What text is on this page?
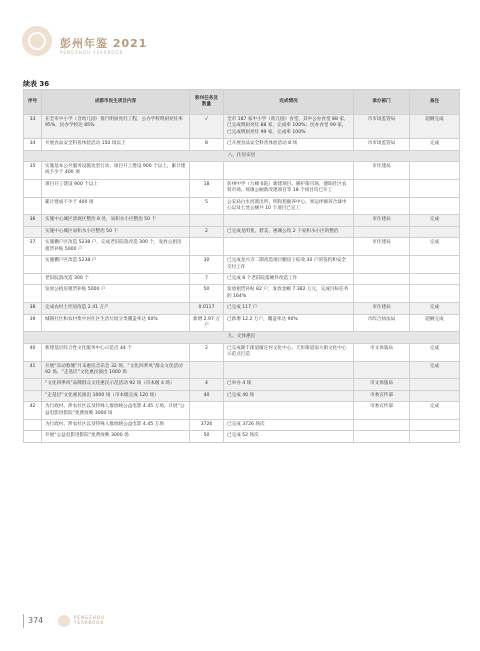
彭州年鉴 2021
PENGZHOU YEARBOOK
续表 36
序号	成都市民生项目内容	彭州任务及数量	完成情况	承办部门	备注
33	在全市中小学（含幼儿园）推行明厨亮灶工程，公办学校明厨亮灶率 95%，民办学校达 85%	√	全市 187 家中小学（幼儿园）食堂，其中公办食堂 88 家，已完成明厨亮灶 88 家，完成率 100%；民办食堂 99 家，已完成明厨亮灶 99 家，完成率 100%	市市场监管局	超额完成
34	开展食品安全科普体验活动 150 场以上	8	已开展食品安全科普体验活动 8 场	市市场监管局	完成
八、住房安居					
35	实施基本公共服务设施攻坚行动，项目开工建设 900 个以上，累计建成不少于 400 项			市住建局	
	项目开工建设 900 个以上	18	彭州中学（九峰书院）新建项目、修护街市场、德阳社区农贸市场、场镇公厕新改建项目等 18 个项目均已开工		
	累计建成不少于 400 项	5	公安局白水河派出所、明和苑颐养中心、果运坪颐养合球中心以及七处公厕共 10 个项目已完工		
36	实施中心城区景观区整治 8 处，易积水小区整治 50 个			市住建局	完成
	实施中心城区易积水小区整治 50 个	2	已完成龙明苑、碧美、惠城公馆 2 个易积水小区的整治		
37	实施棚户区改造 5238 户，完成老旧院落改造 300 个，发放公租房租赁补贴 5000 户			市住建局	完成
	实施棚户区改造 5238 户	30	已完成龙兴寺二期改造项目棚房子棕改 30 户的签约和安全交付工作		
	老旧院落改造 300 个	7	已完成 8 个老旧院落硬件改造工作		
	发放公租房租赁补贴 5000 户	50	发放租赁补贴 82 户，发放金额 7.382 万元，完成目标任务的 164%		
38	完成农村土坯房改造 2.41 万户	0.0117	已完成 117 户	市住建局	完成
39	城镇社区和农村集中居住区生活垃圾分类覆盖率达 60%	新增 2.97 万户	已新增 12.2 万户，覆盖率达 90%	市综合执法局	超额完成
九、文体惠民					
40	新建基层综合性文化服务中心示范点 44 个	2	已完成隆丰街道敏定村文化中心、天彭街道南大街文化中心示范点打造	市文体旅局	完成
41	开展“乐动蓉城”月末惠民音乐会 32 场、“文化四季风”群众文化活动 92 场、“走基层”文化惠民演出 1000 场				完成
	“文化四季风”品牌群众文化惠民示范活动 92 场（市本级 4 场）	4	已举办 4 场	市文体旅局	
	“走基层”文化惠民演出 1000 场（市本级完成 120 场）	40	已完成 40 场	市委宣传部	
42	为行政村、涉农社区以及特殊人群放映公益电影 4.45 万场，开展“公益电影进影院”免费放映 3000 场			市委宣传部	完成
	为行政村、涉农社区以及特殊人群放映公益电影 4.45 万场	3726	已完成 3726 场次		
	开展“公益电影进影院”免费放映 3000 场	50	已完成 52 场次		
374	PENGZHOU
YEARBOOK
